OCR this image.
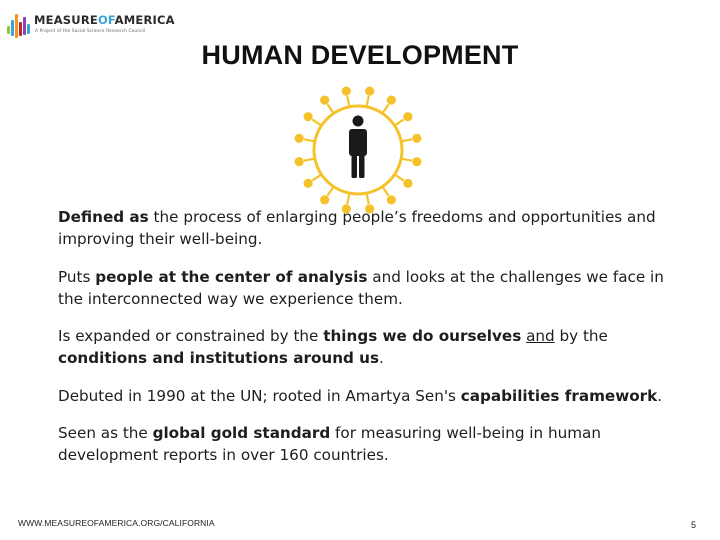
MEASUREOFAMERICA
A Project of the Social Science Research Council
HUMAN DEVELOPMENT

Defined as the process of enlarging people’s freedoms and opportunities and improving their well-being.

Puts people at the center of analysis and looks at the challenges we face in the interconnected way we experience them.

Is expanded or constrained by the things we do ourselves and by the conditions and institutions around us.

Debuted in 1990 at the UN; rooted in Amartya Sen's capabilities framework.

Seen as the global gold standard for measuring well-being in human development reports in over 160 countries.

WWW.MEASUREOFAMERICA.ORG/CALIFORNIA	5
